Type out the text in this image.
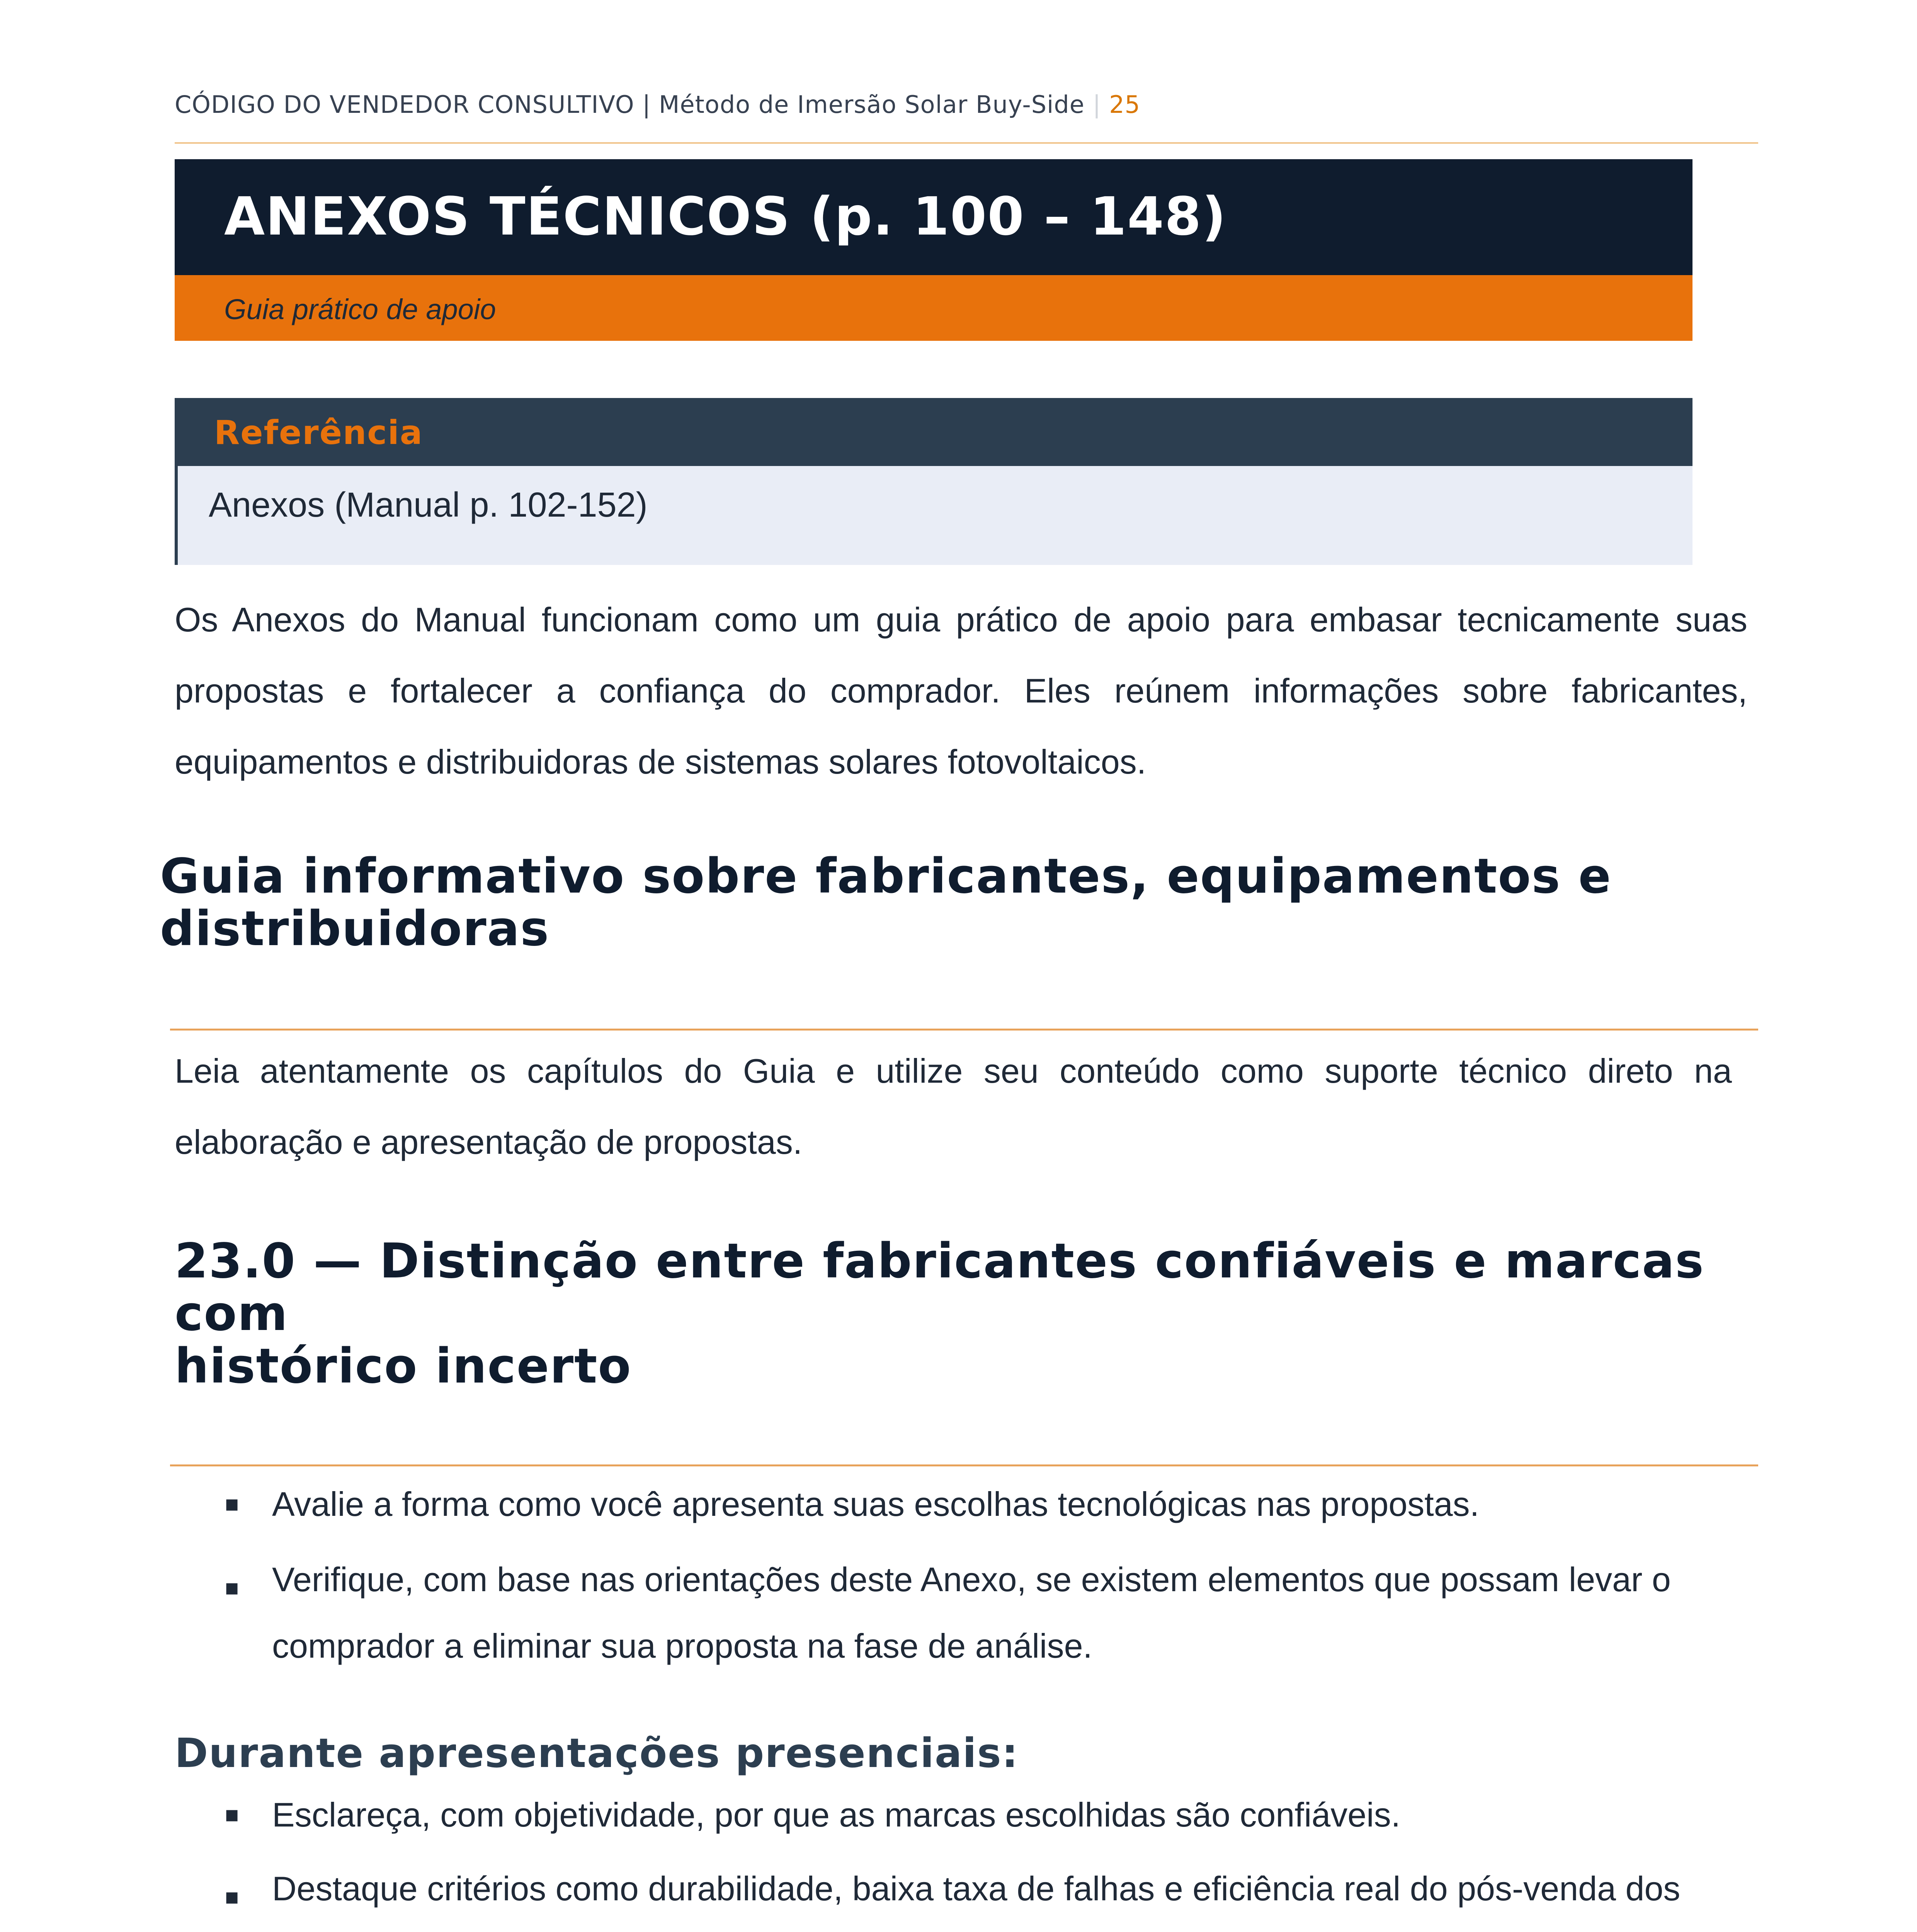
CÓDIGO DO VENDEDOR CONSULTIVO | Método de Imersão Solar Buy-Side | 25
ANEXOS TÉCNICOS (p. 100 – 148)
Guia prático de apoio
Referência
Anexos (Manual p. 102-152)
Os Anexos do Manual funcionam como um guia prático de apoio para embasar tecnicamente suas propostas e fortalecer a confiança do comprador. Eles reúnem informações sobre fabricantes, equipamentos e distribuidoras de sistemas solares fotovoltaicos.
Guia informativo sobre fabricantes, equipamentos e
distribuidoras
Leia atentamente os capítulos do Guia e utilize seu conteúdo como suporte técnico direto na elaboração e apresentação de propostas.
23.0 — Distinção entre fabricantes confiáveis e marcas
com
histórico incerto
■ Avalie a forma como você apresenta suas escolhas tecnológicas nas propostas.
■ Verifique, com base nas orientações deste Anexo, se existem elementos que possam levar o comprador a eliminar sua proposta na fase de análise.
Durante apresentações presenciais:
■ Esclareça, com objetividade, por que as marcas escolhidas são confiáveis.
■ Destaque critérios como durabilidade, baixa taxa de falhas e eficiência real do pós-venda dos
